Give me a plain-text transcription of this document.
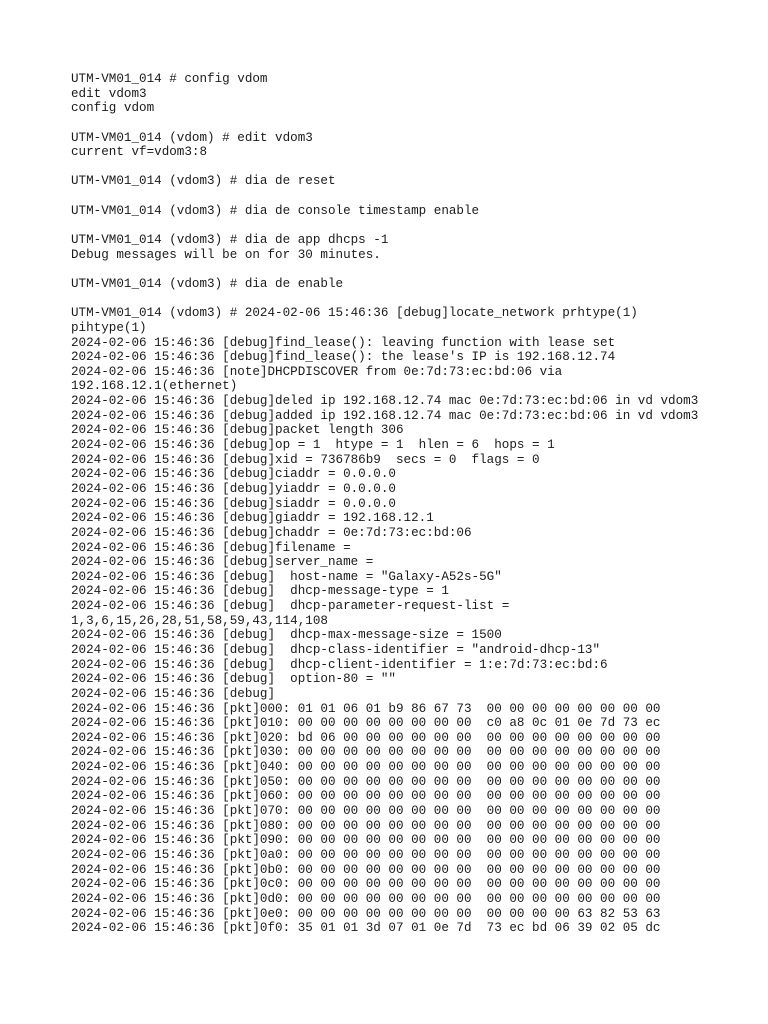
UTM-VM01_014 # config vdom
edit vdom3
config vdom
UTM-VM01_014 (vdom) # edit vdom3
current vf=vdom3:8
UTM-VM01_014 (vdom3) # dia de reset
UTM-VM01_014 (vdom3) # dia de console timestamp enable
UTM-VM01_014 (vdom3) # dia de app dhcps -1
Debug messages will be on for 30 minutes.
UTM-VM01_014 (vdom3) # dia de enable
UTM-VM01_014 (vdom3) # 2024-02-06 15:46:36 [debug]locate_network prhtype(1)
pihtype(1)
2024-02-06 15:46:36 [debug]find_lease(): leaving function with lease set
2024-02-06 15:46:36 [debug]find_lease(): the lease's IP is 192.168.12.74
2024-02-06 15:46:36 [note]DHCPDISCOVER from 0e:7d:73:ec:bd:06 via
192.168.12.1(ethernet)
2024-02-06 15:46:36 [debug]deled ip 192.168.12.74 mac 0e:7d:73:ec:bd:06 in vd vdom3
2024-02-06 15:46:36 [debug]added ip 192.168.12.74 mac 0e:7d:73:ec:bd:06 in vd vdom3
2024-02-06 15:46:36 [debug]packet length 306
2024-02-06 15:46:36 [debug]op = 1  htype = 1  hlen = 6  hops = 1
2024-02-06 15:46:36 [debug]xid = 736786b9  secs = 0  flags = 0
2024-02-06 15:46:36 [debug]ciaddr = 0.0.0.0
2024-02-06 15:46:36 [debug]yiaddr = 0.0.0.0
2024-02-06 15:46:36 [debug]siaddr = 0.0.0.0
2024-02-06 15:46:36 [debug]giaddr = 192.168.12.1
2024-02-06 15:46:36 [debug]chaddr = 0e:7d:73:ec:bd:06
2024-02-06 15:46:36 [debug]filename =
2024-02-06 15:46:36 [debug]server_name =
2024-02-06 15:46:36 [debug]  host-name = "Galaxy-A52s-5G"
2024-02-06 15:46:36 [debug]  dhcp-message-type = 1
2024-02-06 15:46:36 [debug]  dhcp-parameter-request-list =
1,3,6,15,26,28,51,58,59,43,114,108
2024-02-06 15:46:36 [debug]  dhcp-max-message-size = 1500
2024-02-06 15:46:36 [debug]  dhcp-class-identifier = "android-dhcp-13"
2024-02-06 15:46:36 [debug]  dhcp-client-identifier = 1:e:7d:73:ec:bd:6
2024-02-06 15:46:36 [debug]  option-80 = ""
2024-02-06 15:46:36 [debug]
2024-02-06 15:46:36 [pkt]000: 01 01 06 01 b9 86 67 73  00 00 00 00 00 00 00 00
2024-02-06 15:46:36 [pkt]010: 00 00 00 00 00 00 00 00  c0 a8 0c 01 0e 7d 73 ec
2024-02-06 15:46:36 [pkt]020: bd 06 00 00 00 00 00 00  00 00 00 00 00 00 00 00
2024-02-06 15:46:36 [pkt]030: 00 00 00 00 00 00 00 00  00 00 00 00 00 00 00 00
2024-02-06 15:46:36 [pkt]040: 00 00 00 00 00 00 00 00  00 00 00 00 00 00 00 00
2024-02-06 15:46:36 [pkt]050: 00 00 00 00 00 00 00 00  00 00 00 00 00 00 00 00
2024-02-06 15:46:36 [pkt]060: 00 00 00 00 00 00 00 00  00 00 00 00 00 00 00 00
2024-02-06 15:46:36 [pkt]070: 00 00 00 00 00 00 00 00  00 00 00 00 00 00 00 00
2024-02-06 15:46:36 [pkt]080: 00 00 00 00 00 00 00 00  00 00 00 00 00 00 00 00
2024-02-06 15:46:36 [pkt]090: 00 00 00 00 00 00 00 00  00 00 00 00 00 00 00 00
2024-02-06 15:46:36 [pkt]0a0: 00 00 00 00 00 00 00 00  00 00 00 00 00 00 00 00
2024-02-06 15:46:36 [pkt]0b0: 00 00 00 00 00 00 00 00  00 00 00 00 00 00 00 00
2024-02-06 15:46:36 [pkt]0c0: 00 00 00 00 00 00 00 00  00 00 00 00 00 00 00 00
2024-02-06 15:46:36 [pkt]0d0: 00 00 00 00 00 00 00 00  00 00 00 00 00 00 00 00
2024-02-06 15:46:36 [pkt]0e0: 00 00 00 00 00 00 00 00  00 00 00 00 63 82 53 63
2024-02-06 15:46:36 [pkt]0f0: 35 01 01 3d 07 01 0e 7d  73 ec bd 06 39 02 05 dc
